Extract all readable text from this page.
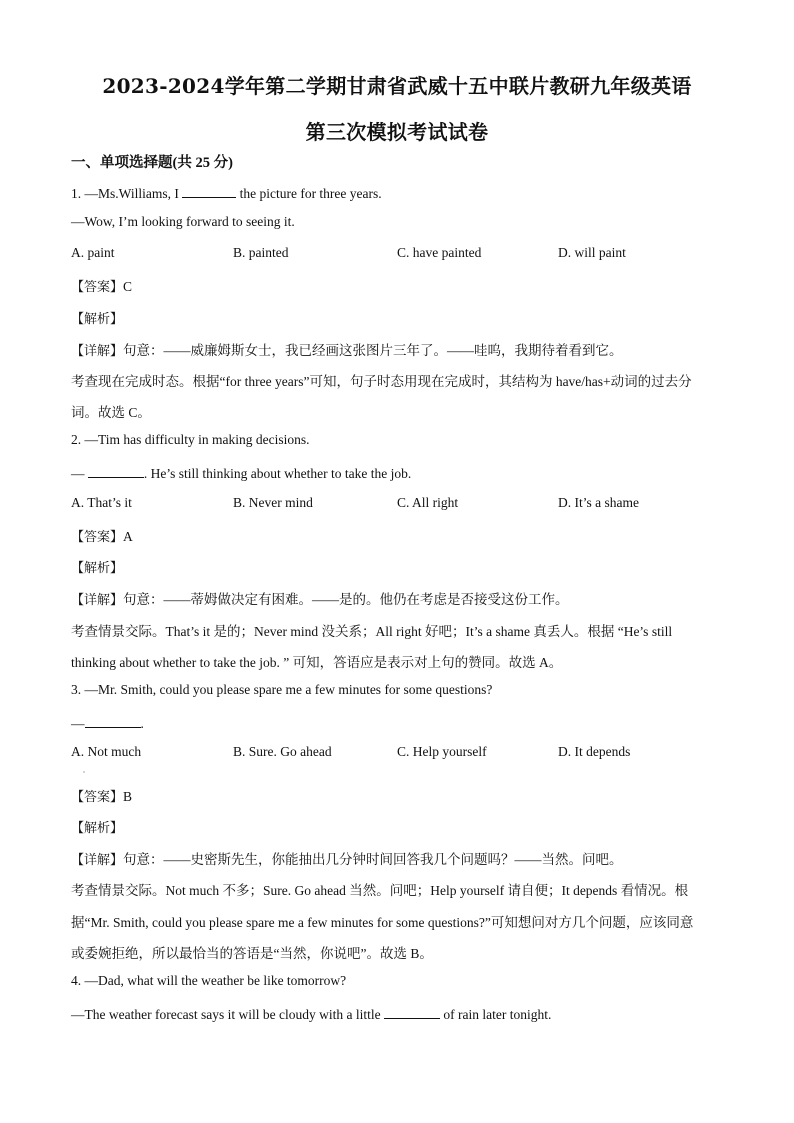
2023-2024学年第二学期甘肃省武威十五中联片教研九年级英语
第三次模拟考试试卷
一、单项选择题(共 25 分)
1. —Ms.Williams, I	the picture for three years.
—Wow, I’m looking forward to seeing it.
A. paint	B. painted	C. have painted	D. will paint
【答案】C
【解析】
【详解】句意：——威廉姆斯女士，我已经画这张图片三年了。——哇呜，我期待着看到它。
考查现在完成时态。根据“for three years”可知，句子时态用现在完成时，其结构为 have/has+动词的过去分
词。故选 C。
2. —Tim has difficulty in making decisions.
—	. He’s still thinking about whether to take the job.
A. That’s it	B. Never mind	C. All right	D. It’s a shame
【答案】A
【解析】
【详解】句意：——蒂姆做决定有困难。——是的。他仍在考虑是否接受这份工作。
考查情景交际。That’s it 是的；Never mind 没关系；All right 好吧；It’s a shame 真丢人。根据 “He’s still
thinking about whether to take the job. ” 可知，答语应是表示对上句的赞同。故选 A。
3. —Mr. Smith, could you please spare me a few minutes for some questions?
—	.
A. Not much	B. Sure. Go ahead	C. Help yourself	D. It depends
˙
【答案】B
【解析】
【详解】句意：——史密斯先生，你能抽出几分钟时间回答我几个问题吗？——当然。问吧。
考查情景交际。Not much 不多；Sure. Go ahead 当然。问吧；Help yourself 请自便；It depends 看情况。根
据“Mr. Smith, could you please spare me a few minutes for some questions?”可知想问对方几个问题，应该同意
或委婉拒绝，所以最恰当的答语是“当然，你说吧”。故选 B。
4. —Dad, what will the weather be like tomorrow?
—The weather forecast says it will be cloudy with a little	of rain later tonight.
